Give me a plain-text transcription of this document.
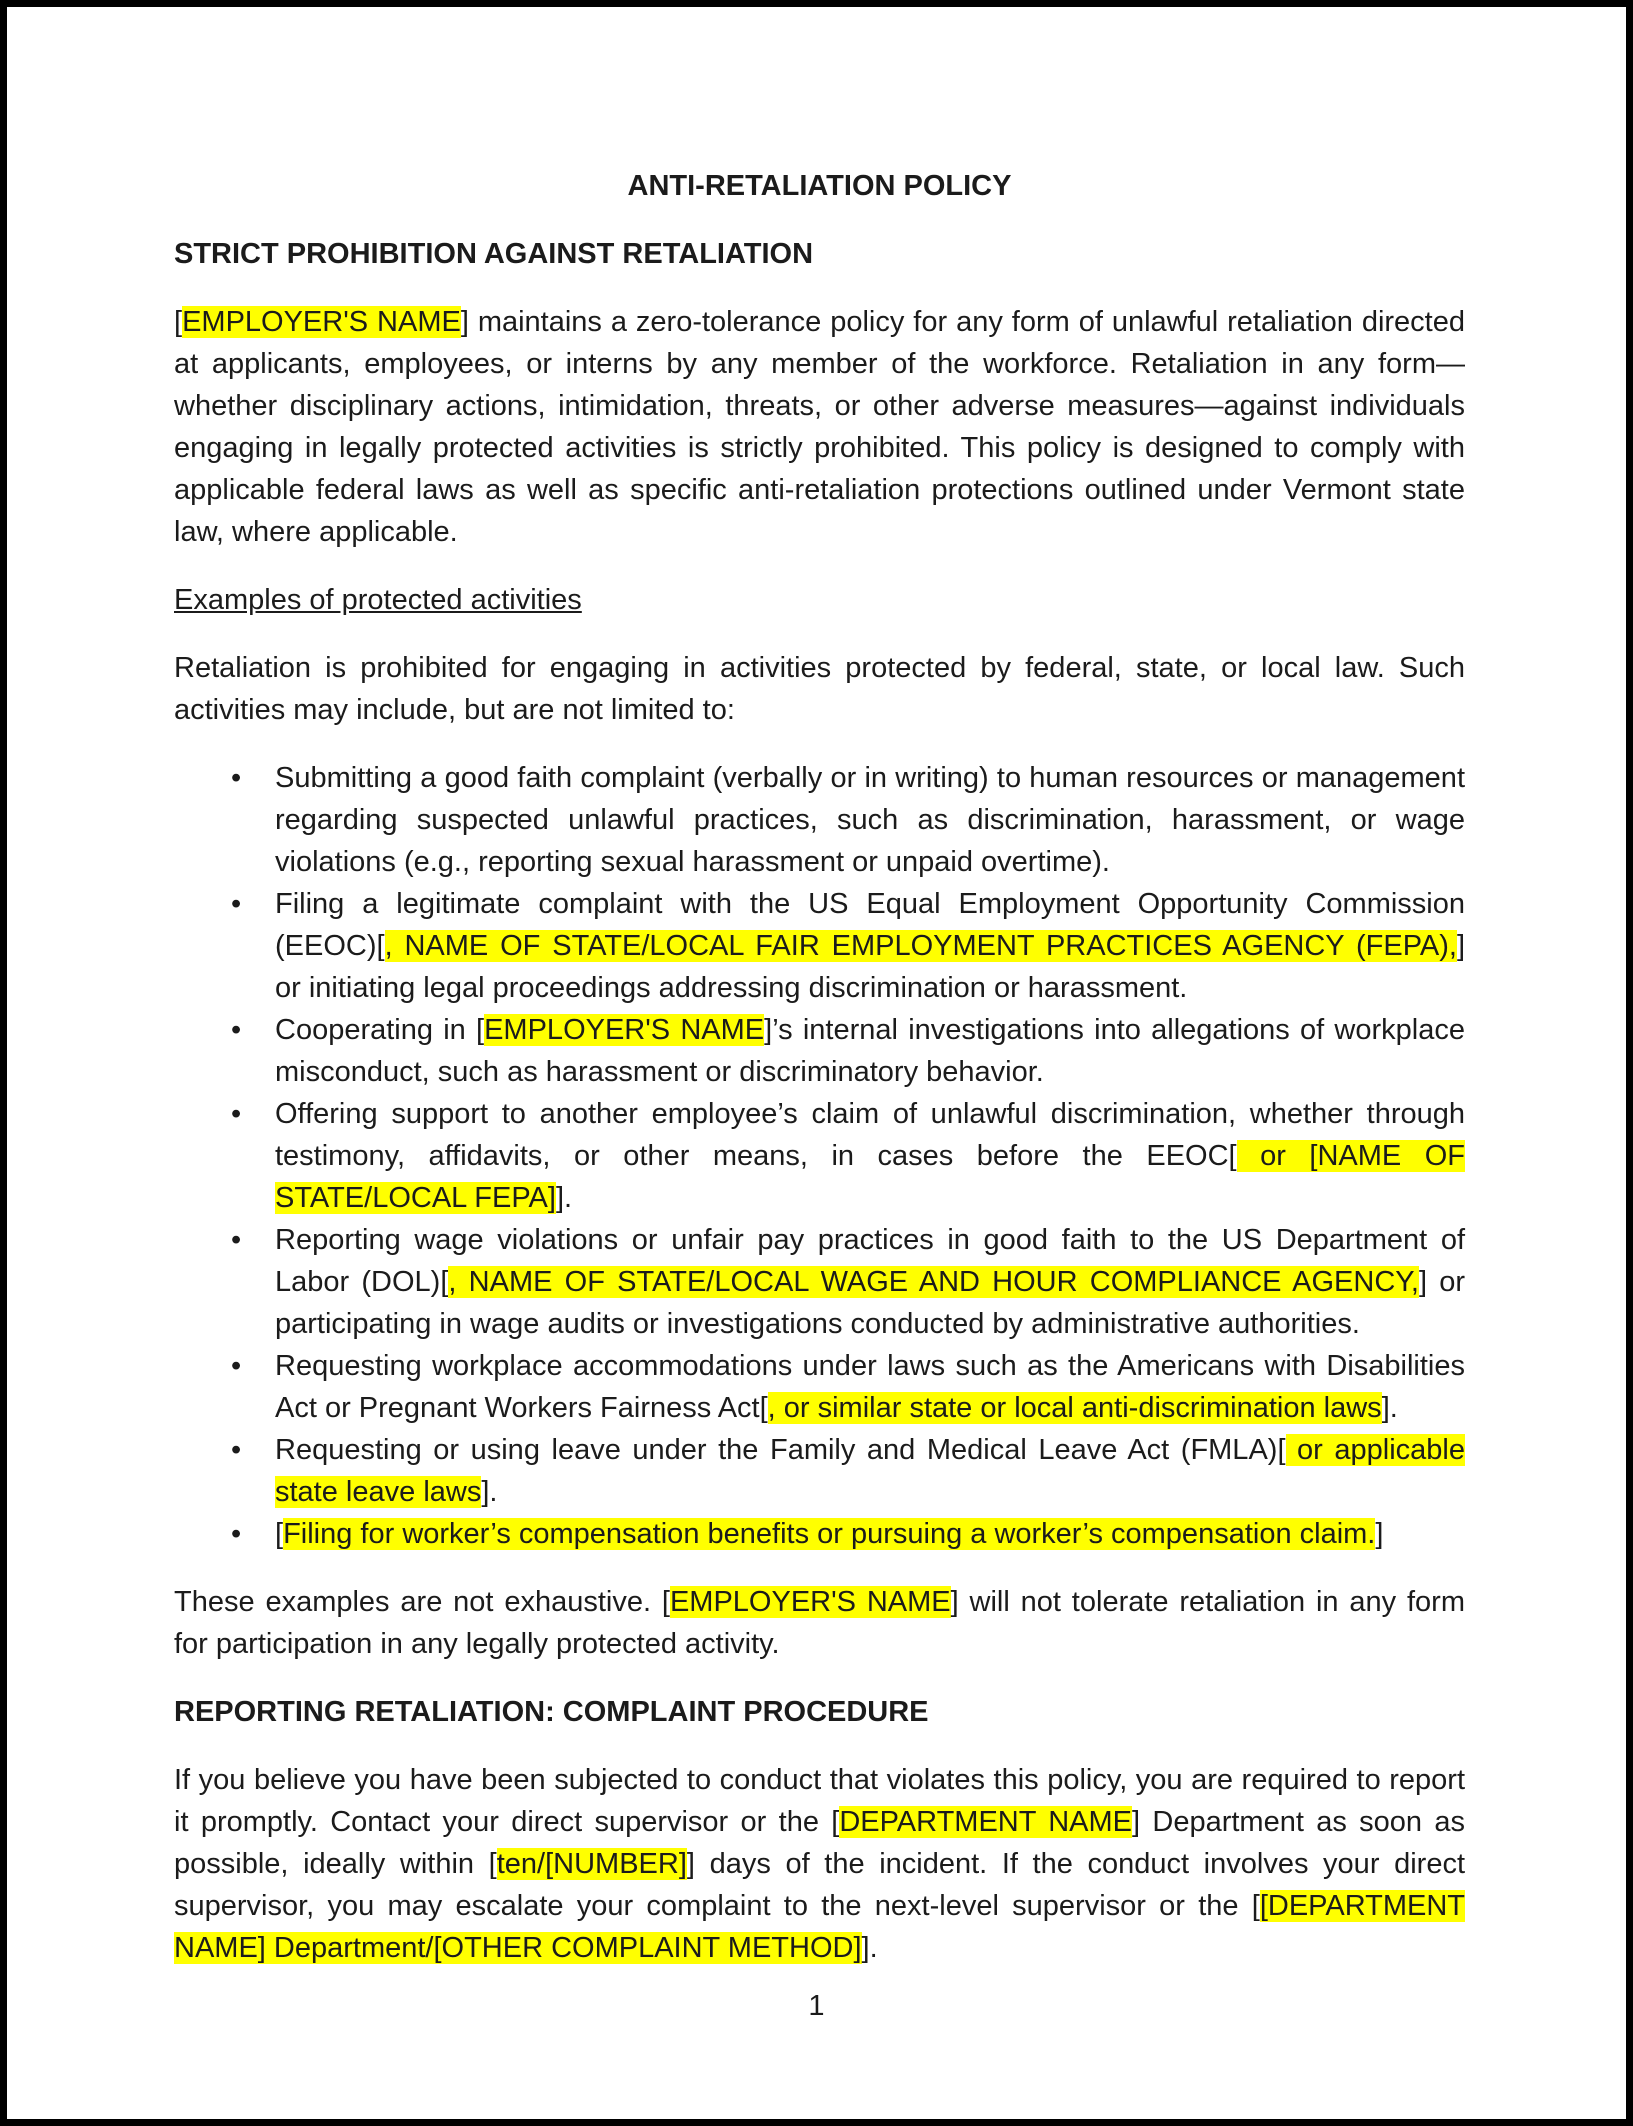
ANTI-RETALIATION POLICY
STRICT PROHIBITION AGAINST RETALIATION

[EMPLOYER'S NAME] maintains a zero-tolerance policy for any form of unlawful retaliation directed at applicants, employees, or interns by any member of the workforce. Retaliation in any form—whether disciplinary actions, intimidation, threats, or other adverse measures—against individuals engaging in legally protected activities is strictly prohibited. This policy is designed to comply with applicable federal laws as well as specific anti-retaliation protections outlined under Vermont state law, where applicable.

Examples of protected activities

Retaliation is prohibited for engaging in activities protected by federal, state, or local law. Such activities may include, but are not limited to:

• Submitting a good faith complaint (verbally or in writing) to human resources or management regarding suspected unlawful practices, such as discrimination, harassment, or wage violations (e.g., reporting sexual harassment or unpaid overtime).
• Filing a legitimate complaint with the US Equal Employment Opportunity Commission (EEOC)[, NAME OF STATE/LOCAL FAIR EMPLOYMENT PRACTICES AGENCY (FEPA),] or initiating legal proceedings addressing discrimination or harassment.
• Cooperating in [EMPLOYER'S NAME]’s internal investigations into allegations of workplace misconduct, such as harassment or discriminatory behavior.
• Offering support to another employee’s claim of unlawful discrimination, whether through testimony, affidavits, or other means, in cases before the EEOC[ or [NAME OF STATE/LOCAL FEPA]].
• Reporting wage violations or unfair pay practices in good faith to the US Department of Labor (DOL)[, NAME OF STATE/LOCAL WAGE AND HOUR COMPLIANCE AGENCY,] or participating in wage audits or investigations conducted by administrative authorities.
• Requesting workplace accommodations under laws such as the Americans with Disabilities Act or Pregnant Workers Fairness Act[, or similar state or local anti-discrimination laws].
• Requesting or using leave under the Family and Medical Leave Act (FMLA)[ or applicable state leave laws].
• [Filing for worker’s compensation benefits or pursuing a worker’s compensation claim.]

These examples are not exhaustive. [EMPLOYER'S NAME] will not tolerate retaliation in any form for participation in any legally protected activity.

REPORTING RETALIATION: COMPLAINT PROCEDURE

If you believe you have been subjected to conduct that violates this policy, you are required to report it promptly. Contact your direct supervisor or the [DEPARTMENT NAME] Department as soon as possible, ideally within [ten/[NUMBER]] days of the incident. If the conduct involves your direct supervisor, you may escalate your complaint to the next-level supervisor or the [[DEPARTMENT NAME] Department/[OTHER COMPLAINT METHOD]].

1
